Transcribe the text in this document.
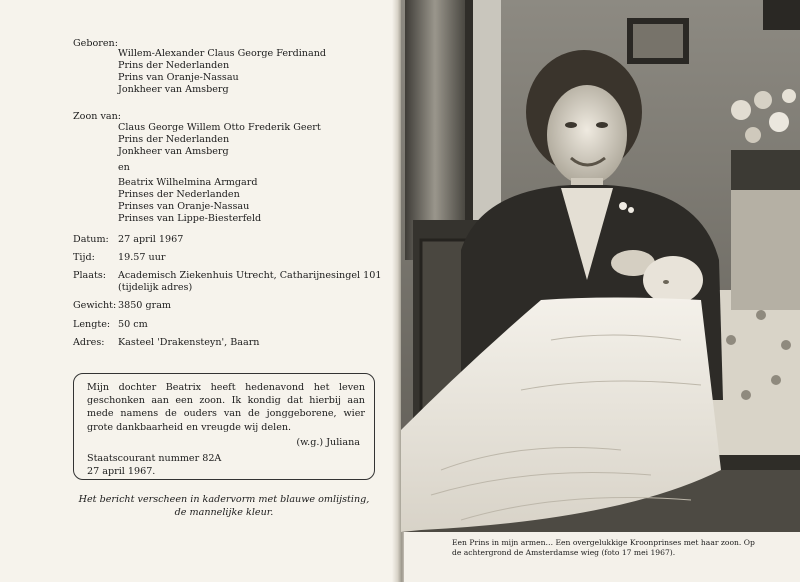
Geboren:
Willem-Alexander Claus George Ferdinand
Prins der Nederlanden
Prins van Oranje-Nassau
Jonkheer van Amsberg
Zoon van:
Claus George Willem Otto Frederik Geert
Prins der Nederlanden
Jonkheer van Amsberg
en
Beatrix Wilhelmina Armgard
Prinses der Nederlanden
Prinses van Oranje-Nassau
Prinses van Lippe-Biesterfeld
Datum: 27 april 1967
Tijd: 19.57 uur
Plaats: Academisch Ziekenhuis Utrecht, Catharijnesingel 101
(tijdelijk adres)
Gewicht: 3850 gram
Lengte: 50 cm
Adres: Kasteel 'Drakensteyn', Baarn
Mijn dochter Beatrix heeft hedenavond het leven geschonken aan een zoon. Ik kondig dat hierbij aan mede namens de ouders van de jonggeborene, wier grote dankbaarheid en vreugde wij delen.
(w.g.) Juliana
Staatscourant nummer 82A
27 april 1967.
Het bericht verscheen in kadervorm met blauwe omlijsting,
de mannelijke kleur.
Een Prins in mijn armen… Een overgelukkige Kroonprinses met haar zoon. Op
de achtergrond de Amsterdamse wieg (foto 17 mei 1967).
